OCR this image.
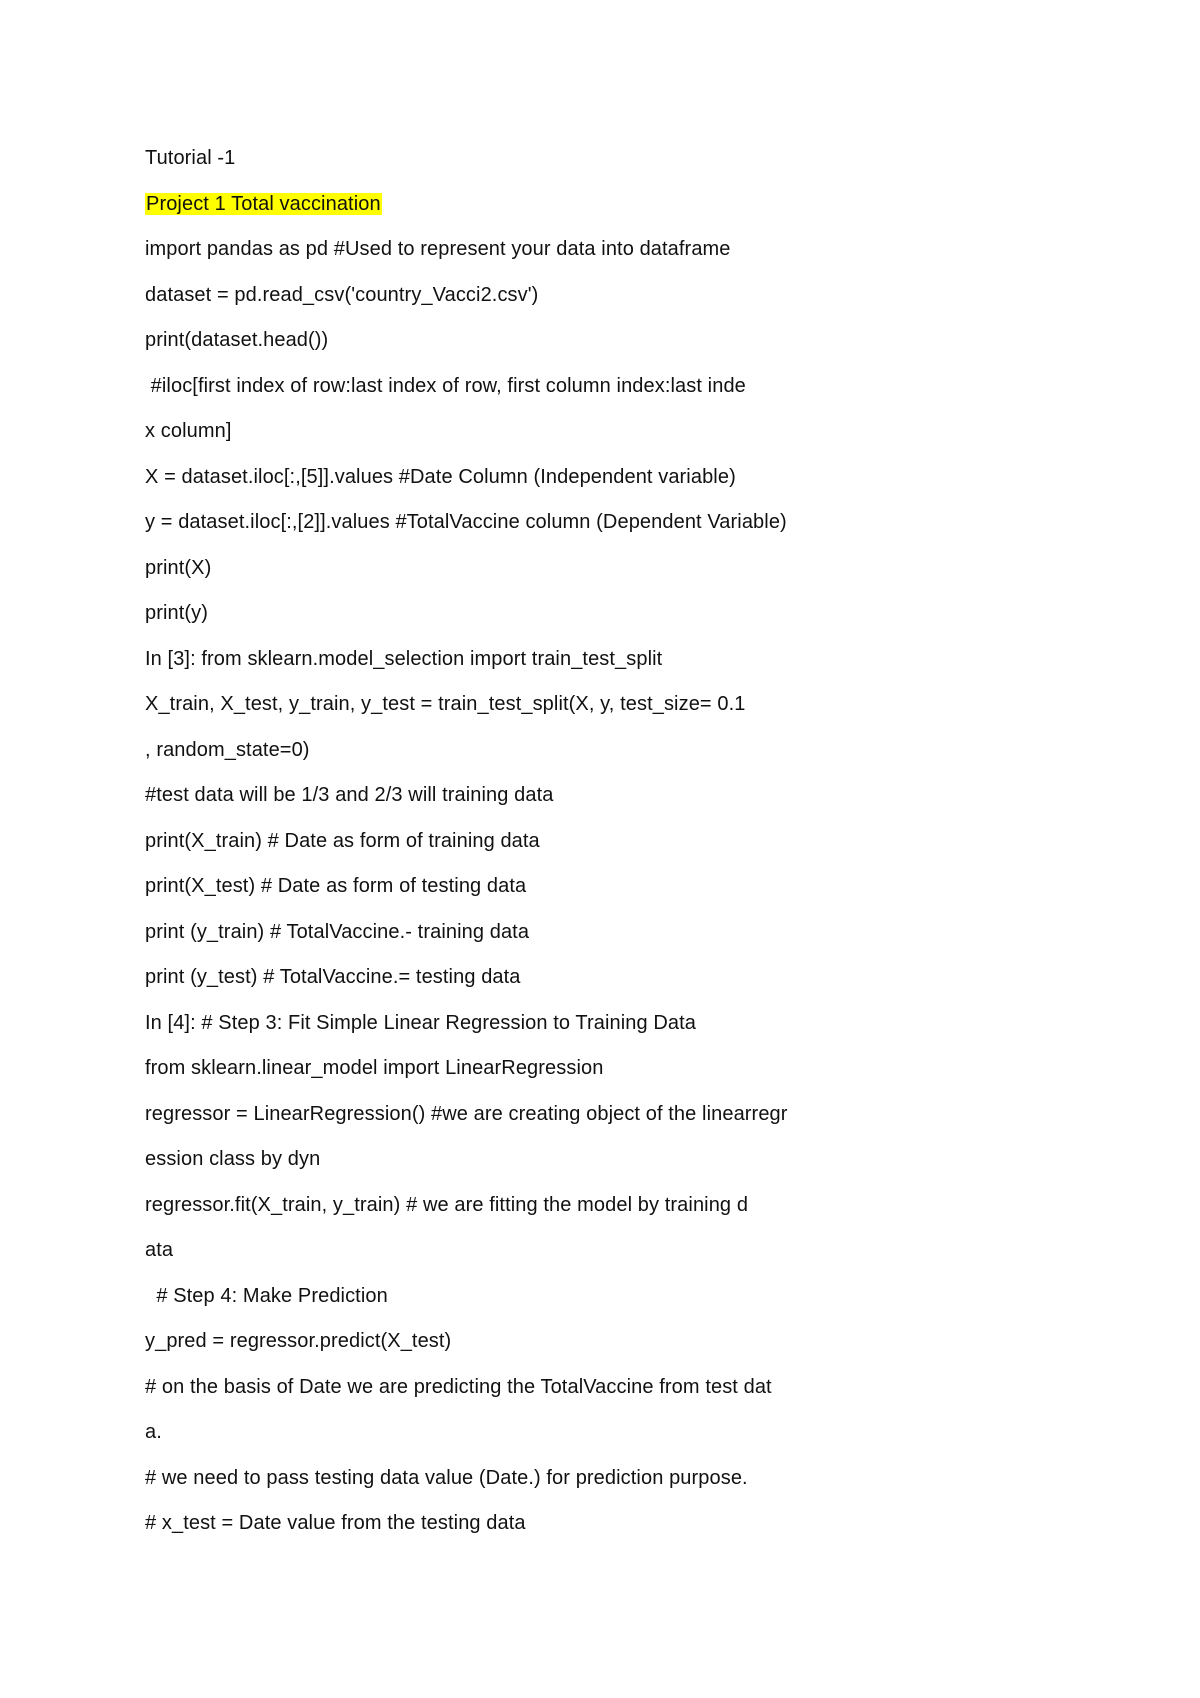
Tutorial -1
Project 1 Total vaccination
import pandas as pd #Used to represent your data into dataframe
dataset = pd.read_csv('country_Vacci2.csv')
print(dataset.head())
#iloc[first index of row:last index of row, first column index:last inde
x column]
X = dataset.iloc[:,[5]].values #Date Column (Independent variable)
y = dataset.iloc[:,[2]].values #TotalVaccine column (Dependent Variable)
print(X)
print(y)
In [3]: from sklearn.model_selection import train_test_split
X_train, X_test, y_train, y_test = train_test_split(X, y, test_size= 0.1
, random_state=0)
#test data will be 1/3 and 2/3 will training data
print(X_train) # Date as form of training data
print(X_test) # Date as form of testing data
print (y_train) # TotalVaccine.- training data
print (y_test) # TotalVaccine.= testing data
In [4]: # Step 3: Fit Simple Linear Regression to Training Data
from sklearn.linear_model import LinearRegression
regressor = LinearRegression() #we are creating object of the linearregr
ession class by dyn
regressor.fit(X_train, y_train) # we are fitting the model by training d
ata
# Step 4: Make Prediction
y_pred = regressor.predict(X_test)
# on the basis of Date we are predicting the TotalVaccine from test dat
a.
# we need to pass testing data value (Date.) for prediction purpose.
# x_test = Date value from the testing data
